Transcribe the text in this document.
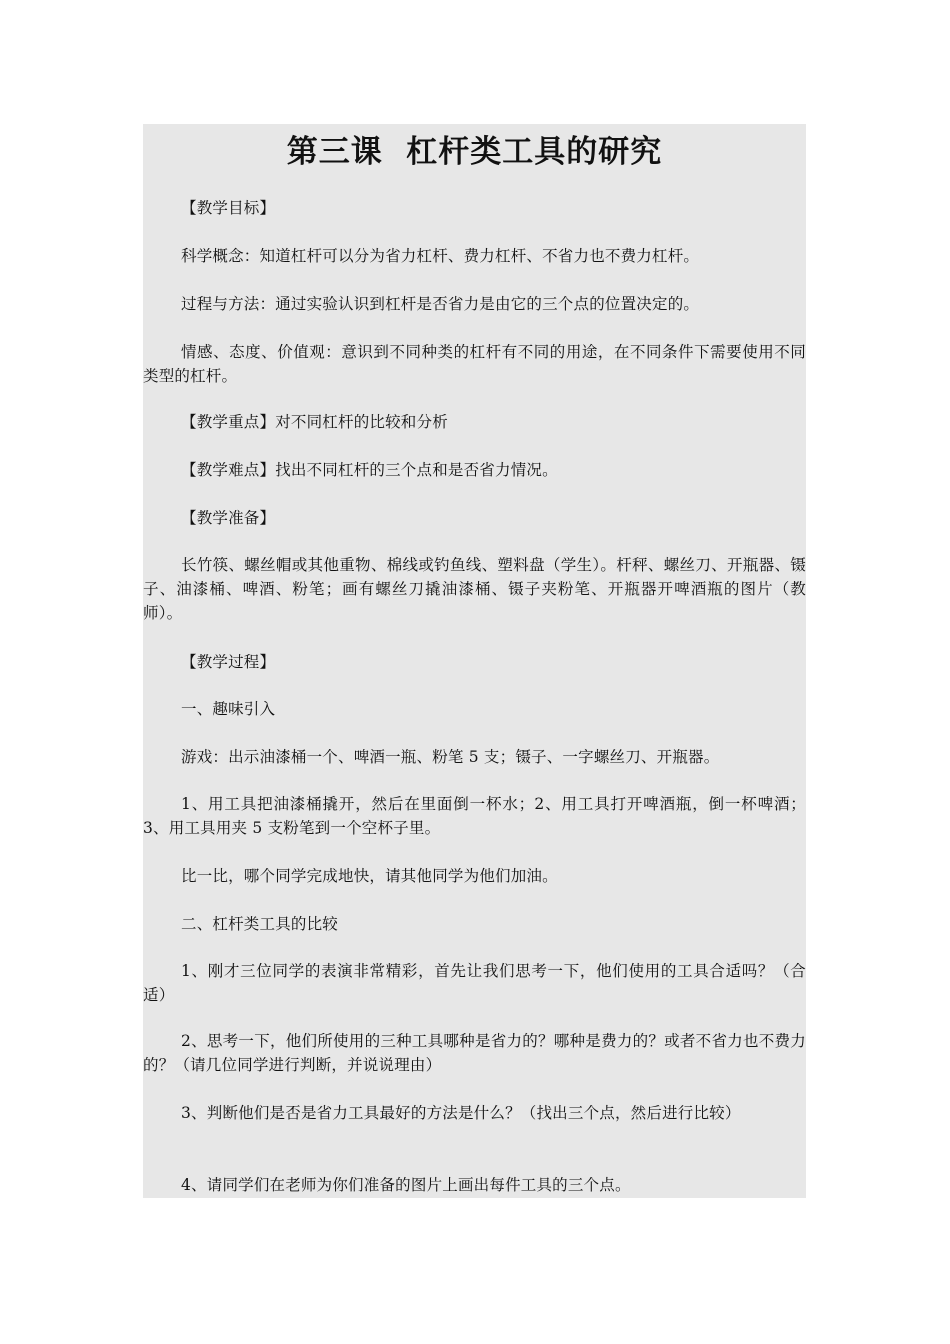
第三课  杠杆类工具的研究

【教学目标】

科学概念：知道杠杆可以分为省力杠杆、费力杠杆、不省力也不费力杠杆。

过程与方法：通过实验认识到杠杆是否省力是由它的三个点的位置决定的。

情感、态度、价值观：意识到不同种类的杠杆有不同的用途，在不同条件下需要使用不同类型的杠杆。

【教学重点】对不同杠杆的比较和分析

【教学难点】找出不同杠杆的三个点和是否省力情况。

【教学准备】

长竹筷、螺丝帽或其他重物、棉线或钓鱼线、塑料盘（学生）。杆秤、螺丝刀、开瓶器、镊子、油漆桶、啤酒、粉笔；画有螺丝刀撬油漆桶、镊子夹粉笔、开瓶器开啤酒瓶的图片（教师）。

【教学过程】

一、趣味引入

游戏：出示油漆桶一个、啤酒一瓶、粉笔 5 支；镊子、一字螺丝刀、开瓶器。

1、用工具把油漆桶撬开，然后在里面倒一杯水；2、用工具打开啤酒瓶，倒一杯啤酒； 3、用工具用夹 5 支粉笔到一个空杯子里。

比一比，哪个同学完成地快，请其他同学为他们加油。

二、杠杆类工具的比较

1、刚才三位同学的表演非常精彩，首先让我们思考一下，他们使用的工具合适吗？（合适）

2、思考一下，他们所使用的三种工具哪种是省力的？哪种是费力的？或者不省力也不费力的？（请几位同学进行判断，并说说理由）

3、判断他们是否是省力工具最好的方法是什么？（找出三个点，然后进行比较）

4、请同学们在老师为你们准备的图片上画出每件工具的三个点。
